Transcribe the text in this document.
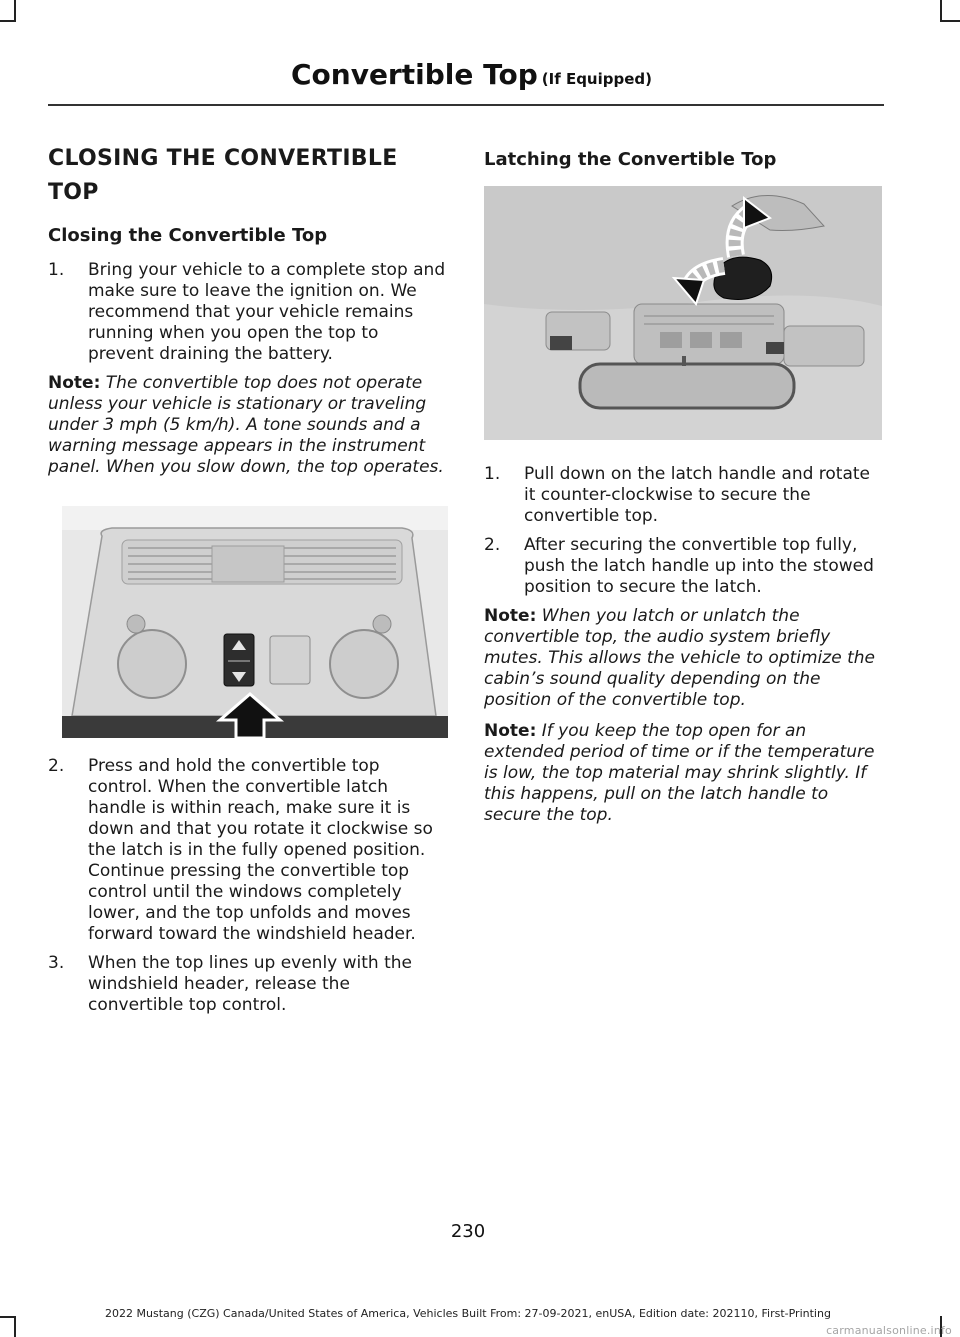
Convertible Top (If Equipped)
CLOSING THE CONVERTIBLE TOP
Closing the Convertible Top
1. Bring your vehicle to a complete stop and make sure to leave the ignition on. We recommend that your vehicle remains running when you open the top to prevent draining the battery.

Note: The convertible top does not operate unless your vehicle is stationary or traveling under 3 mph (5 km/h). A tone sounds and a warning message appears in the instrument panel. When you slow down, the top operates.

2. Press and hold the convertible top control. When the convertible latch handle is within reach, make sure it is down and that you rotate it clockwise so the latch is in the fully opened position. Continue pressing the convertible top control until the windows completely lower, and the top unfolds and moves forward toward the windshield header.
3. When the top lines up evenly with the windshield header, release the convertible top control.
Latching the Convertible Top
1. Pull down on the latch handle and rotate it counter-clockwise to secure the convertible top.
2. After securing the convertible top fully, push the latch handle up into the stowed position to secure the latch.

Note: When you latch or unlatch the convertible top, the audio system briefly mutes. This allows the vehicle to optimize the cabin’s sound quality depending on the position of the convertible top.

Note: If you keep the top open for an extended period of time or if the temperature is low, the top material may shrink slightly. If this happens, pull on the latch handle to secure the top.

230
2022 Mustang (CZG) Canada/United States of America, Vehicles Built From: 27-09-2021, enUSA, Edition date: 202110, First-Printing
carmanualsonline.info
